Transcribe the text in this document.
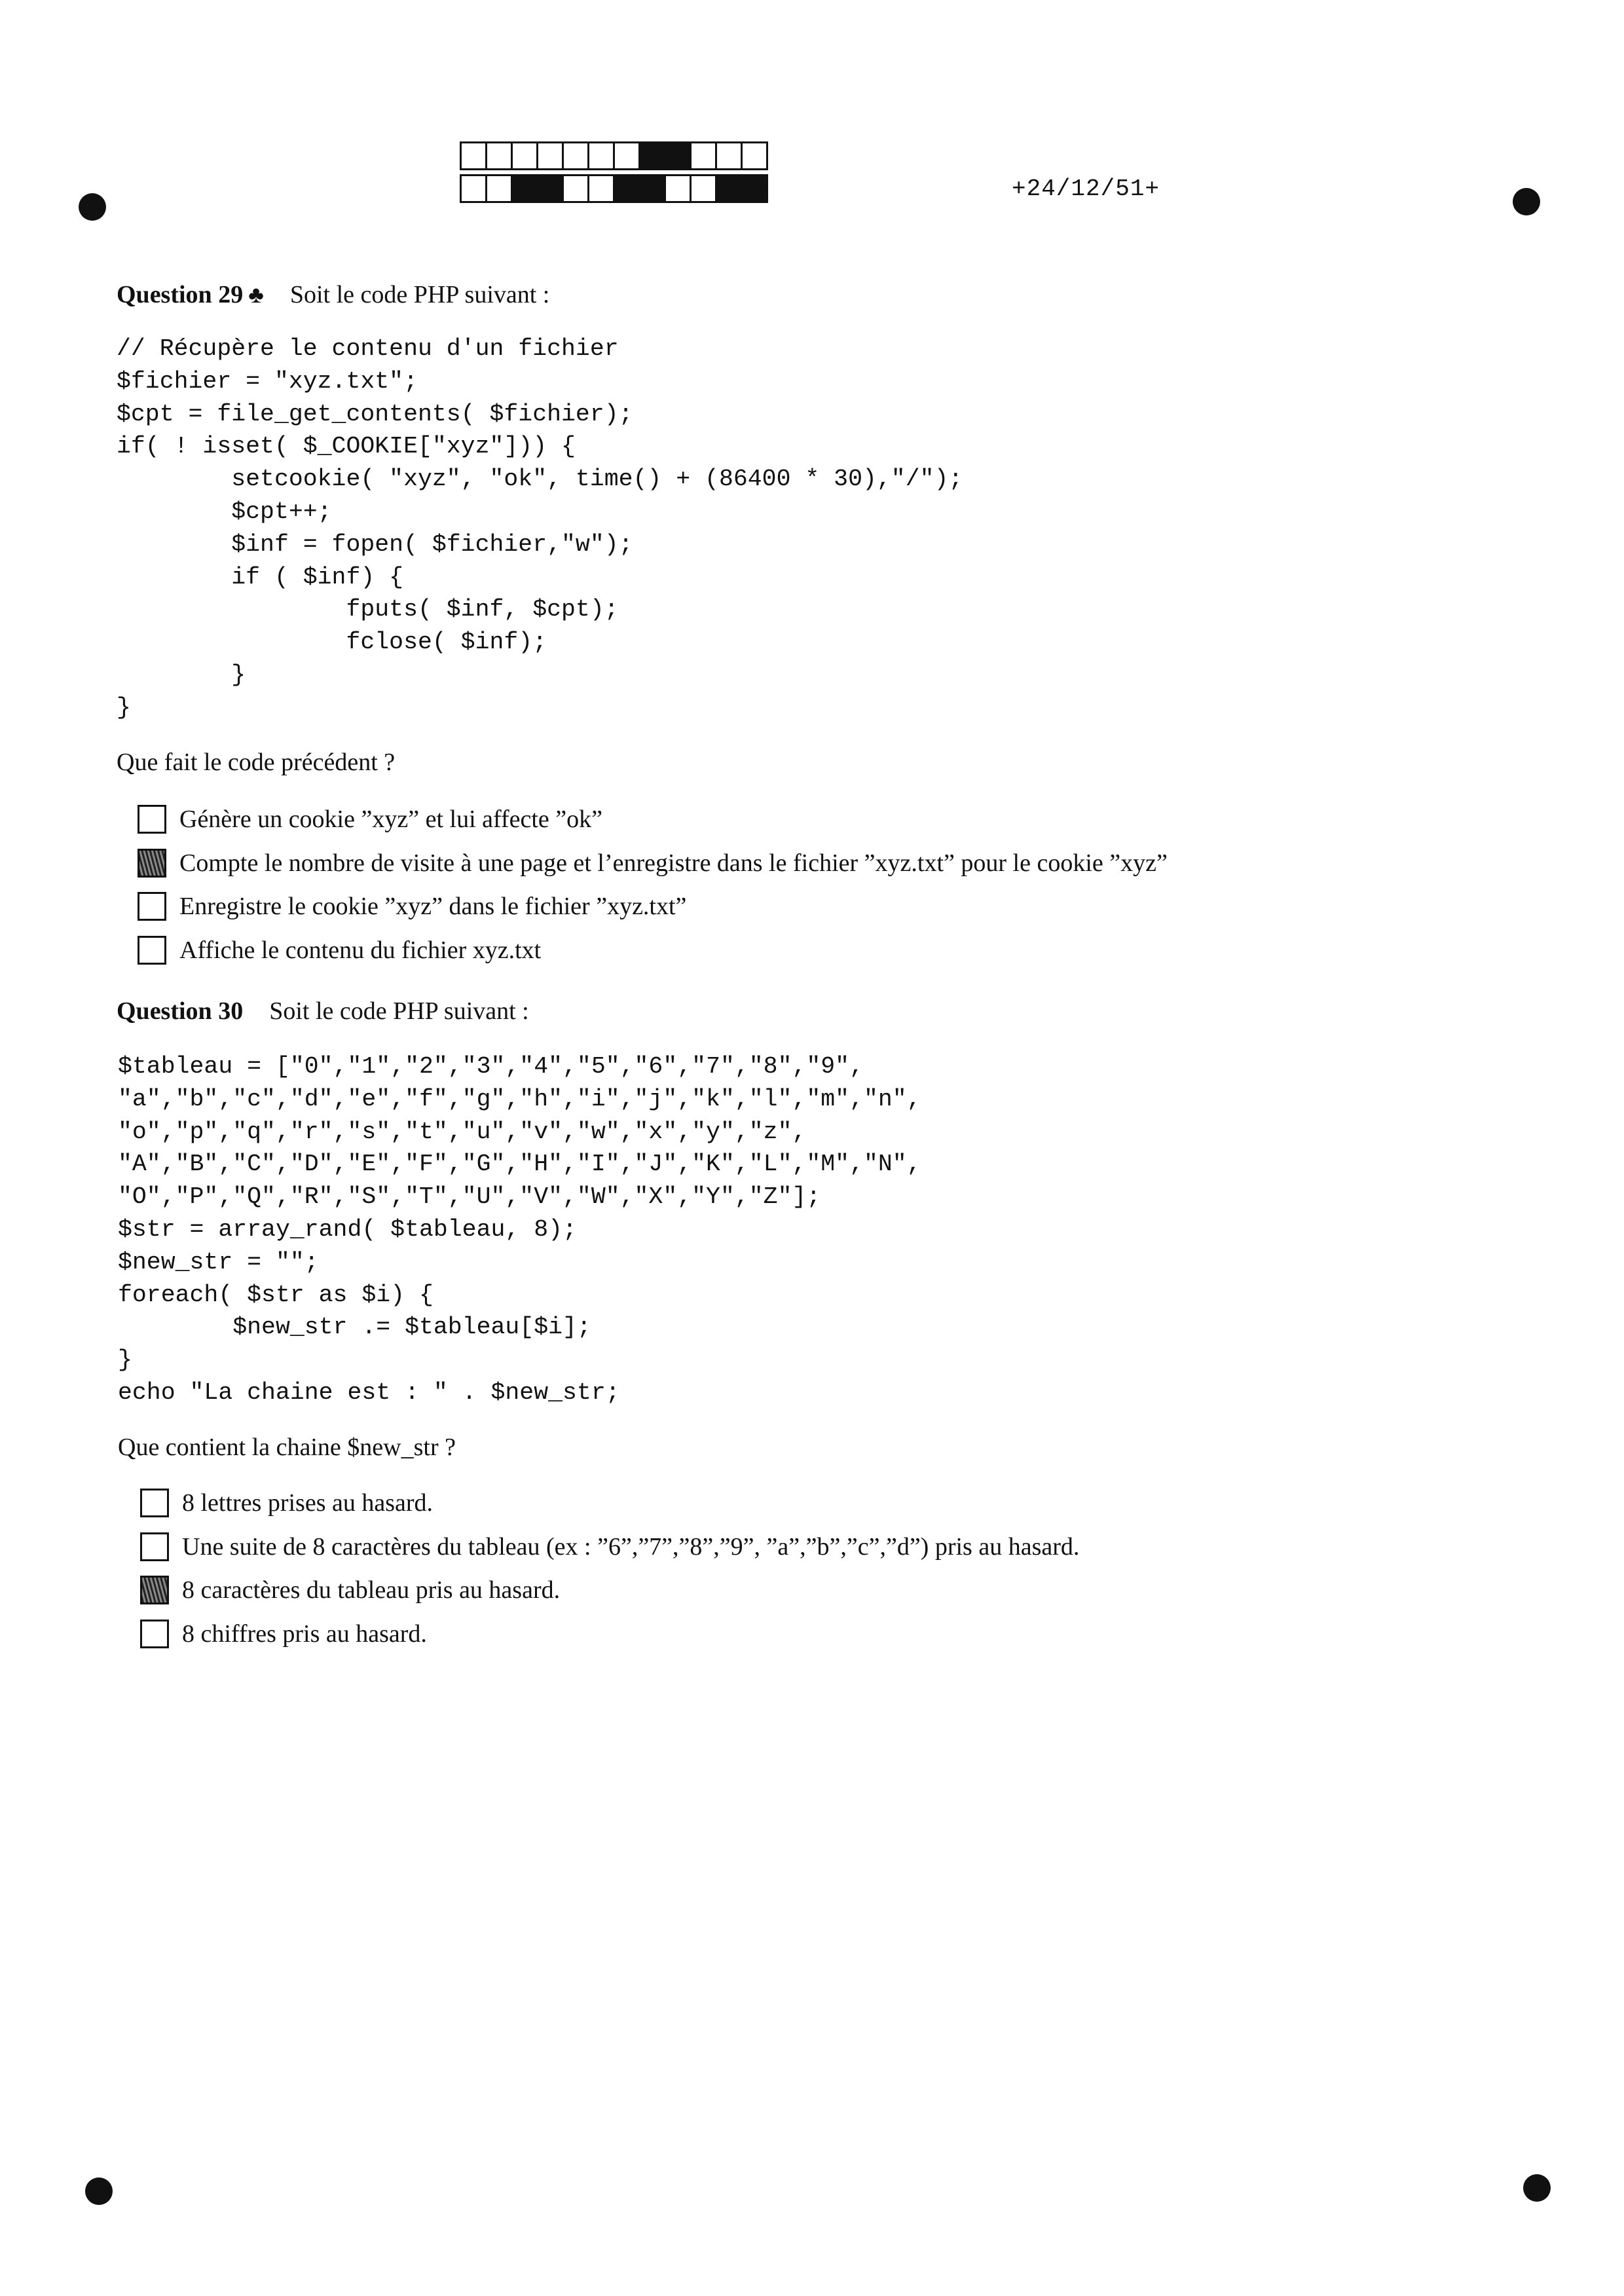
+24/12/51+
Question 29 ♣ Soit le code PHP suivant :
// Récupère le contenu d'un fichier
$fichier = "xyz.txt";
$cpt = file_get_contents( $fichier);
if( ! isset( $_COOKIE["xyz"])) {
setcookie( "xyz", "ok", time() + (86400 * 30),"/");
$cpt++;
$inf = fopen( $fichier,"w");
if ( $inf) {
fputs( $inf, $cpt);
fclose( $inf);
}
}
Que fait le code précédent ?
Génère un cookie ”xyz” et lui affecte ”ok”
Compte le nombre de visite à une page et l’enregistre dans le fichier ”xyz.txt” pour le cookie ”xyz”
Enregistre le cookie ”xyz” dans le fichier ”xyz.txt”
Affiche le contenu du fichier xyz.txt
Question 30 Soit le code PHP suivant :
$tableau = ["0","1","2","3","4","5","6","7","8","9",
"a","b","c","d","e","f","g","h","i","j","k","l","m","n",
"o","p","q","r","s","t","u","v","w","x","y","z",
"A","B","C","D","E","F","G","H","I","J","K","L","M","N",
"O","P","Q","R","S","T","U","V","W","X","Y","Z"];
$str = array_rand( $tableau, 8);
$new_str = "";
foreach( $str as $i) {
$new_str .= $tableau[$i];
}
echo "La chaine est : " . $new_str;
Que contient la chaine $new_str ?
8 lettres prises au hasard.
Une suite de 8 caractères du tableau (ex : ”6”,”7”,”8”,”9”, ”a”,”b”,”c”,”d”) pris au hasard.
8 caractères du tableau pris au hasard.
8 chiffres pris au hasard.
